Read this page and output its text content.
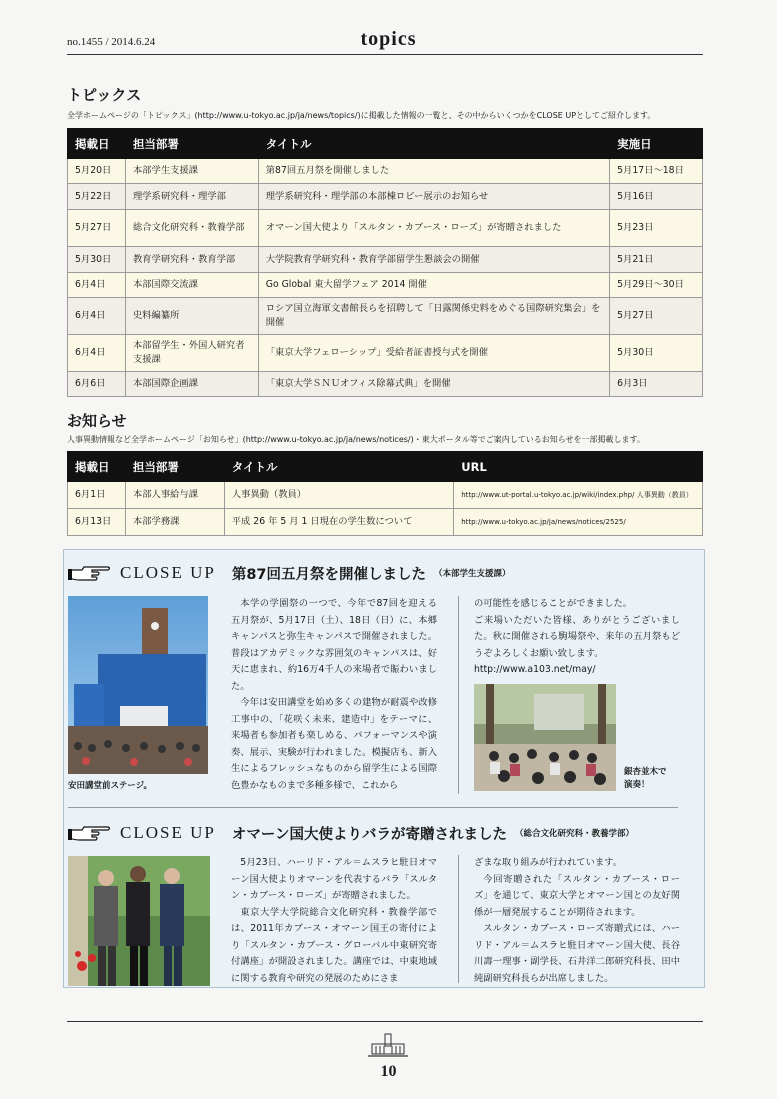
no.1455 / 2014.6.24	topics
トピックス
全学ホームページの「トピックス」(http://www.u-tokyo.ac.jp/ja/news/topics/)に掲載した情報の一覧と、その中からいくつかをCLOSE UPとしてご紹介します。
掲載日	担当部署	タイトル	実施日
5月20日	本部学生支援課	第87回五月祭を開催しました	5月17日～18日
5月22日	理学系研究科・理学部	理学系研究科・理学部の本部棟ロビー展示のお知らせ	5月16日
5月27日	総合文化研究科・教養学部	オマーン国大使より「スルタン・カブース・ローズ」が寄贈されました	5月23日
5月30日	教育学研究科・教育学部	大学院教育学研究科・教育学部留学生懇談会の開催	5月21日
6月4日	本部国際交流課	Go Global 東大留学フェア 2014 開催	5月29日～30日
6月4日	史料編纂所	ロシア国立海軍文書館長らを招聘して「日露関係史料をめぐる国際研究集会」を開催	5月27日
6月4日	本部留学生・外国人研究者支援課	「東京大学フェローシップ」受給者証書授与式を開催	5月30日
6月6日	本部国際企画課	「東京大学ＳＮＵオフィス除幕式典」を開催	6月3日
お知らせ
人事異動情報など全学ホームページ「お知らせ」(http://www.u-tokyo.ac.jp/ja/news/notices/)・東大ポータル等でご案内しているお知らせを一部掲載します。
掲載日	担当部署	タイトル	URL
6月1日	本部人事給与課	人事異動（教員）	http://www.ut-portal.u-tokyo.ac.jp/wiki/index.php/ 人事異動（教員）
6月13日	本部学務課	平成 26 年 5 月 1 日現在の学生数について	http://www.u-tokyo.ac.jp/ja/news/notices/2525/
CLOSE UP 第87回五月祭を開催しました （本部学生支援課）
安田講堂前ステージ。

本学の学園祭の一つで、今年で87回を迎える五月祭が、5月17日（土）、18日（日）に、本郷キャンパスと弥生キャンパスで開催されました。普段はアカデミックな雰囲気のキャンパスは、好天に恵まれ、約16万4千人の来場者で賑わいました。

今年は安田講堂を始め多くの建物が耐震や改修工事中の、「花咲く未来、建造中」をテーマに、来場者も参加者も楽しめる、パフォーマンスや演奏、展示、実験が行われました。模擬店も、新入生によるフレッシュなものから留学生による国際色豊かなものまで多種多様で、これから

の可能性を感じることができました。

ご来場いただいた皆様、ありがとうございました。秋に開催される駒場祭や、来年の五月祭もどうぞよろしくお願い致します。

http://www.a103.net/may/

銀杏並木で
演奏！
CLOSE UP オマーン国大使よりバラが寄贈されました （総合文化研究科・教養学部）

5月23日、ハーリド・アル＝ムスラヒ駐日オマーン国大使よりオマーンを代表するバラ「スルタン・カブース・ローズ」が寄贈されました。

東京大学大学院総合文化研究科・教養学部では、2011年カブース・オマーン国王の寄付により「スルタン・カブース・グローバル中東研究寄付講座」が開設されました。講座では、中東地域に関する教育や研究の発展のためにさま

ざまな取り組みが行われています。

今回寄贈された「スルタン・カブース・ローズ」を通じて、東京大学とオマーン国との友好関係が一層発展することが期待されます。

スルタン・カブース・ローズ寄贈式には、ハーリド・アル＝ムスラヒ駐日オマーン国大使、長谷川壽一理事・副学長、石井洋二郎研究科長、田中純副研究科長らが出席しました。

10
